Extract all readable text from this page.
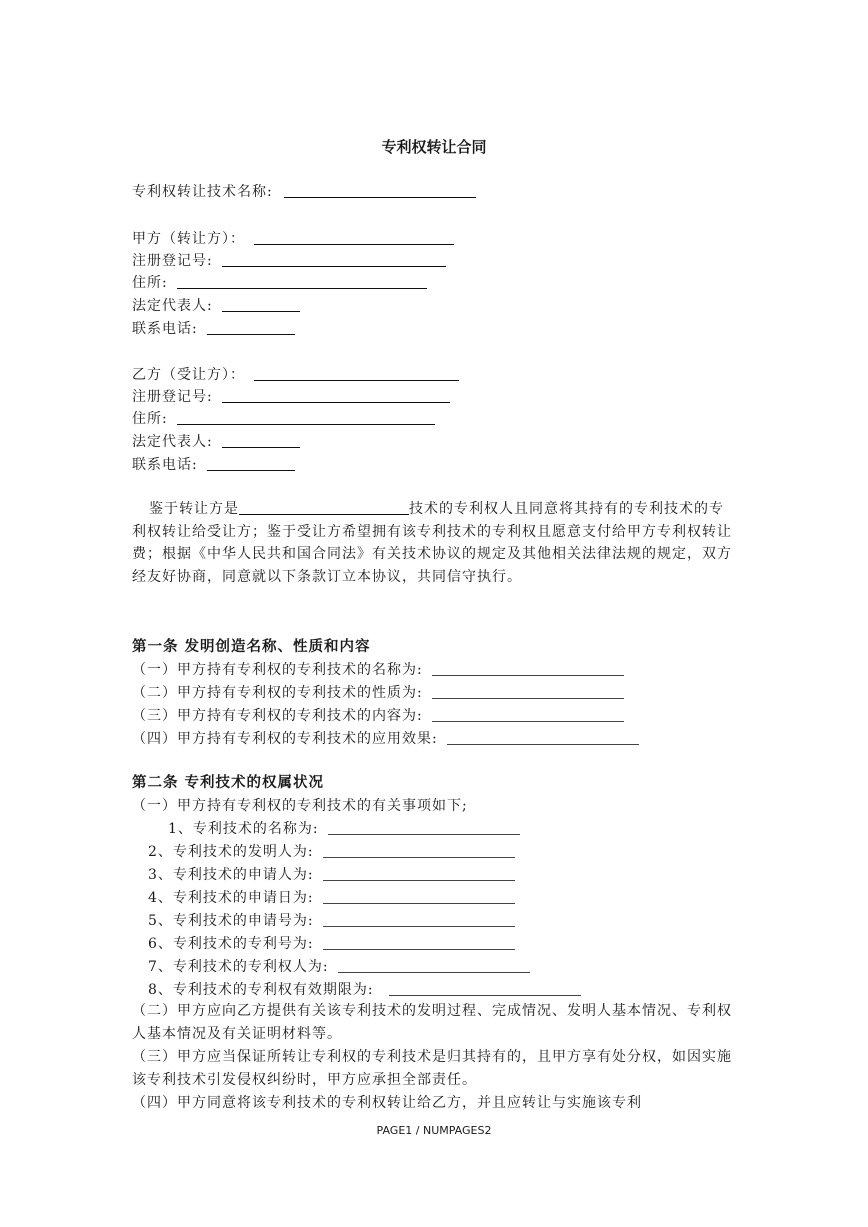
专利权转让合同
专利权转让技术名称:
甲方（转让方）：
注册登记号:
住所:
法定代表人:
联系电话:
乙方（受让方）：
注册登记号:
住所:
法定代表人:
联系电话:
鉴于转让方是	技术的专利权人且同意将其持有的专利技术的专利权转让给受让方；鉴于受让方希望拥有该专利技术的专利权且愿意支付给甲方专利权转让费；根据《中华人民共和国合同法》有关技术协议的规定及其他相关法律法规的规定，双方经友好协商，同意就以下条款订立本协议，共同信守执行。
第一条 发明创造名称、性质和内容
（一）甲方持有专利权的专利技术的名称为:
（二）甲方持有专利权的专利技术的性质为:
（三）甲方持有专利权的专利技术的内容为:
（四）甲方持有专利权的专利技术的应用效果:
第二条 专利技术的权属状况
（一）甲方持有专利权的专利技术的有关事项如下;
1、专利技术的名称为:
2、专利技术的发明人为:
3、专利技术的申请人为:
4、专利技术的申请日为:
5、专利技术的申请号为:
6、专利技术的专利号为:
7、专利技术的专利权人为:
8、专利技术的专利权有效期限为:
（二）甲方应向乙方提供有关该专利技术的发明过程、完成情况、发明人基本情况、专利权人基本情况及有关证明材料等。
（三）甲方应当保证所转让专利权的专利技术是归其持有的，且甲方享有处分权，如因实施该专利技术引发侵权纠纷时，甲方应承担全部责任。
（四）甲方同意将该专利技术的专利权转让给乙方，并且应转让与实施该专利
PAGE1 / NUMPAGES2
